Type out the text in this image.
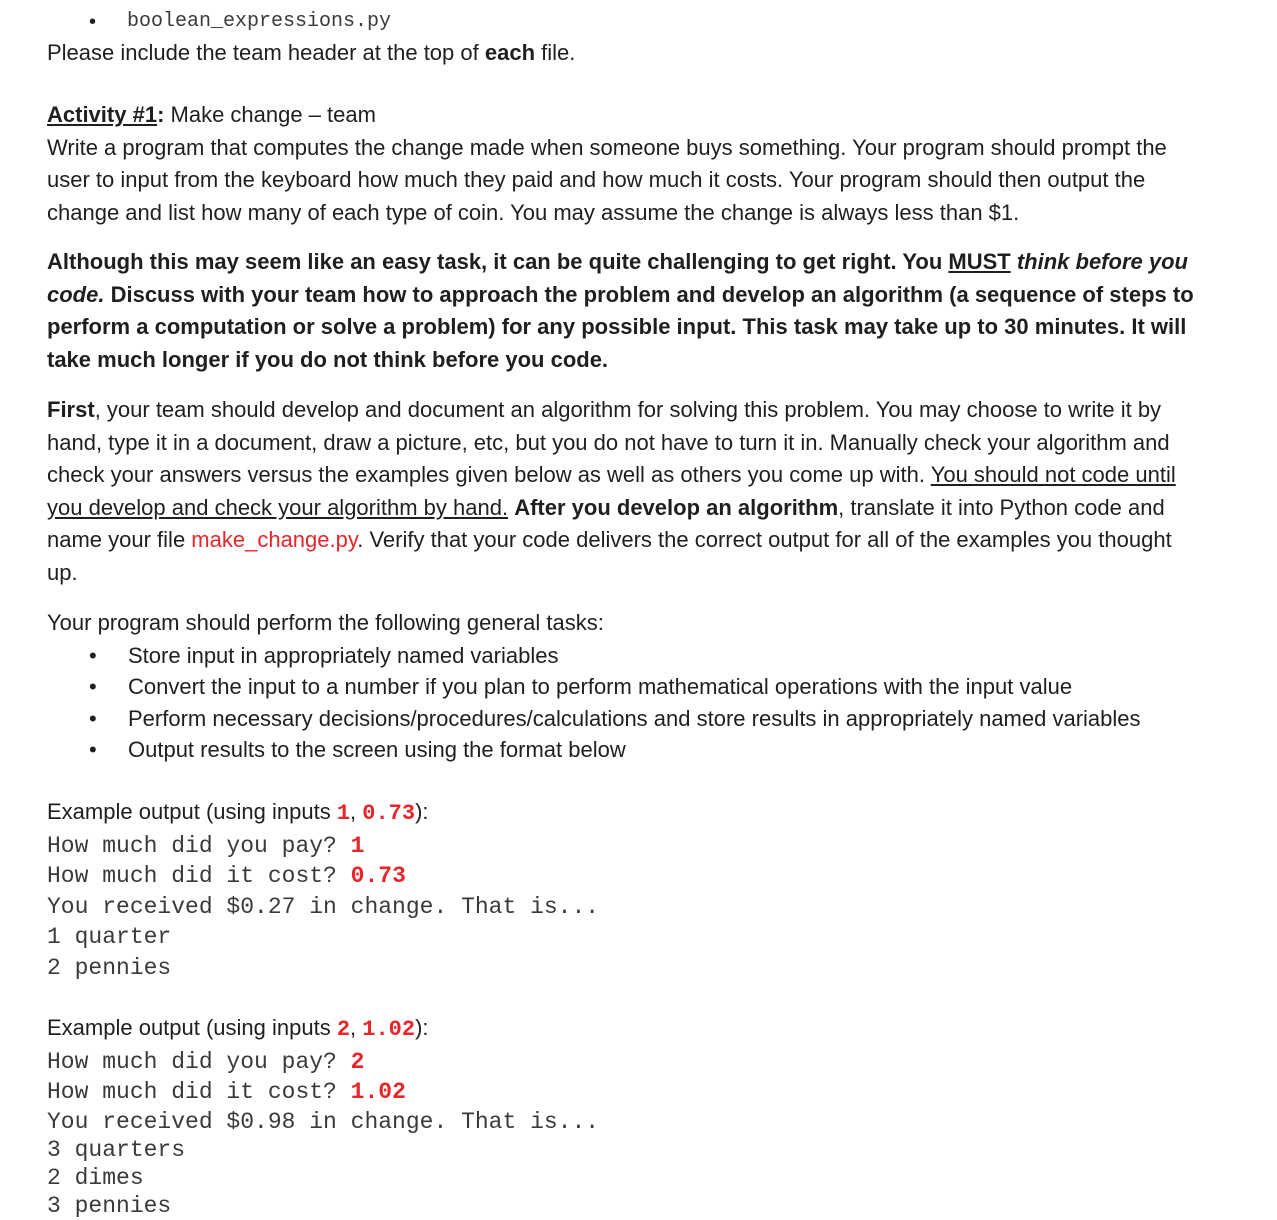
•	boolean_expressions.py

Please include the team header at the top of each file.

Activity #1: Make change – team

Write a program that computes the change made when someone buys something. Your program should prompt the user to input from the keyboard how much they paid and how much it costs. Your program should then output the change and list how many of each type of coin. You may assume the change is always less than $1.

Although this may seem like an easy task, it can be quite challenging to get right. You MUST think before you code. Discuss with your team how to approach the problem and develop an algorithm (a sequence of steps to perform a computation or solve a problem) for any possible input. This task may take up to 30 minutes. It will take much longer if you do not think before you code.

First, your team should develop and document an algorithm for solving this problem. You may choose to write it by hand, type it in a document, draw a picture, etc, but you do not have to turn it in. Manually check your algorithm and check your answers versus the examples given below as well as others you come up with. You should not code until you develop and check your algorithm by hand. After you develop an algorithm, translate it into Python code and name your file make_change.py. Verify that your code delivers the correct output for all of the examples you thought up.

Your program should perform the following general tasks:

•	Store input in appropriately named variables
•	Convert the input to a number if you plan to perform mathematical operations with the input value
•	Perform necessary decisions/procedures/calculations and store results in appropriately named variables
•	Output results to the screen using the format below

Example output (using inputs 1, 0.73):

How much did you pay? 1

How much did it cost? 0.73

You received $0.27 in change. That is...

1 quarter

2 pennies

Example output (using inputs 2, 1.02):

How much did you pay? 2

How much did it cost? 1.02

You received $0.98 in change. That is...

3 quarters

2 dimes

3 pennies
